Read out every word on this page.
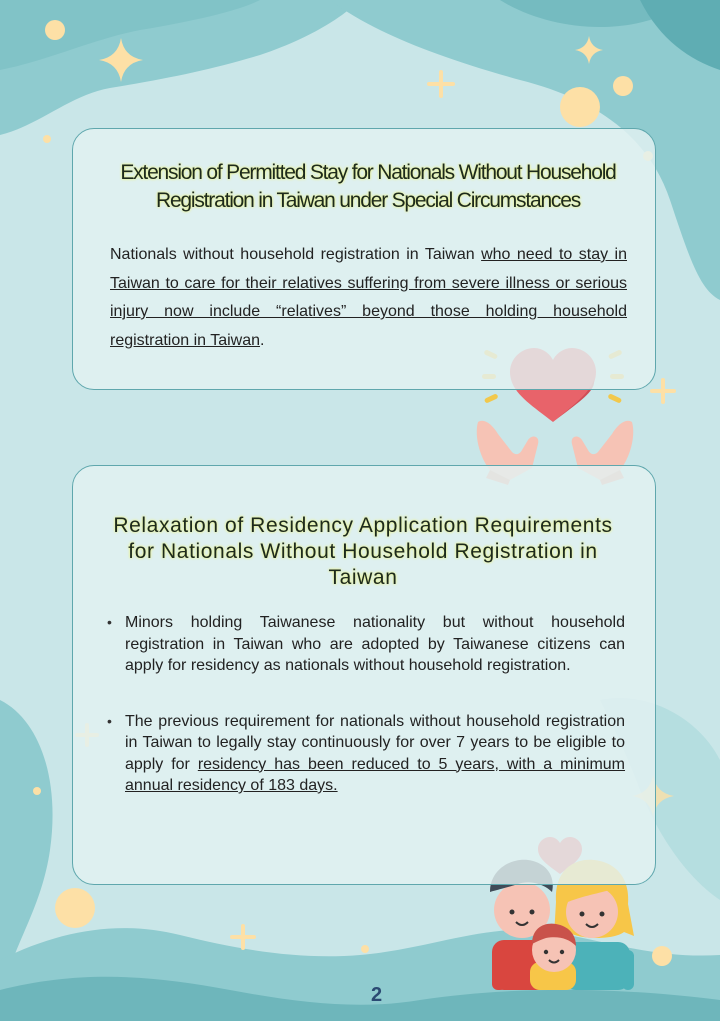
Extension of Permitted Stay for Nationals Without Household Registration in Taiwan under Special Circumstances
Nationals without household registration in Taiwan who need to stay in Taiwan to care for their relatives suffering from severe illness or serious injury now include “relatives” beyond those holding household registration in Taiwan.
Relaxation of Residency Application Requirements for Nationals Without Household Registration in Taiwan
• Minors holding Taiwanese nationality but without household registration in Taiwan who are adopted by Taiwanese citizens can apply for residency as nationals without household registration.
• The previous requirement for nationals without household registration in Taiwan to legally stay continuously for over 7 years to be eligible to apply for residency has been reduced to 5 years, with a minimum annual residency of 183 days.
2
